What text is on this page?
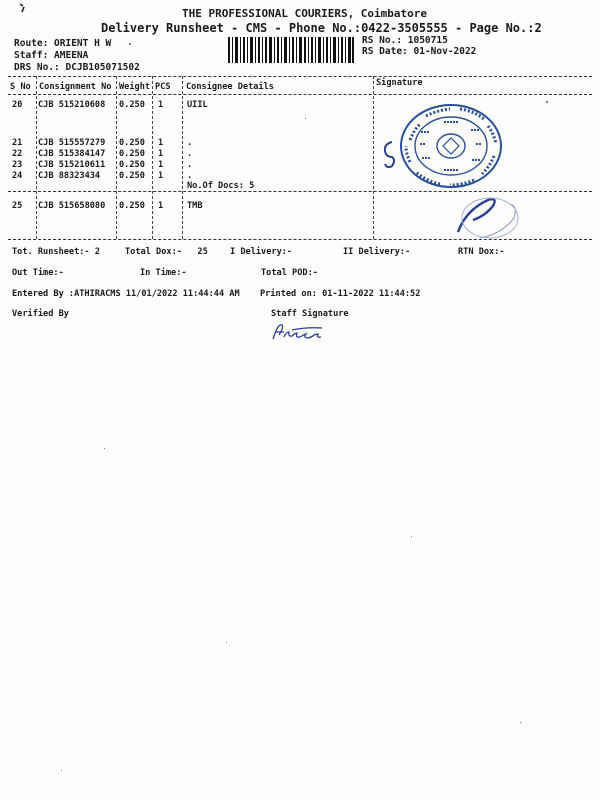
THE PROFESSIONAL COURIERS, Coimbatore
Delivery Runsheet - CMS - Phone No.:0422-3505555 - Page No.:2
Route: ORIENT H W
Staff: AMEENA
DRS No.: DCJB105071502
RS No.: 1050715
RS Date: 01-Nov-2022
S No Consignment No Weight PCS Consignee Details	Signature
20 CJB 515210608 0.250 1	UIIL
21 CJB 515557279 0.250 1	.
22 CJB 515384147 0.250 1	.
23 CJB 515210611 0.250 1	.
24 CJB 88323434 0.250 1	.
No.Of Docs: 5
25 CJB 515658080 0.250 1	TMB
Tot. Runsheet:- 2	Total Dox:-   25	I Delivery:-	II Delivery:-	RTN Dox:-
Out Time:-	In Time:-	Total POD:-
Entered By :ATHIRACMS 11/01/2022 11:44:44 AM Printed on: 01-11-2022 11:44:52
Verified By	Staff Signature
